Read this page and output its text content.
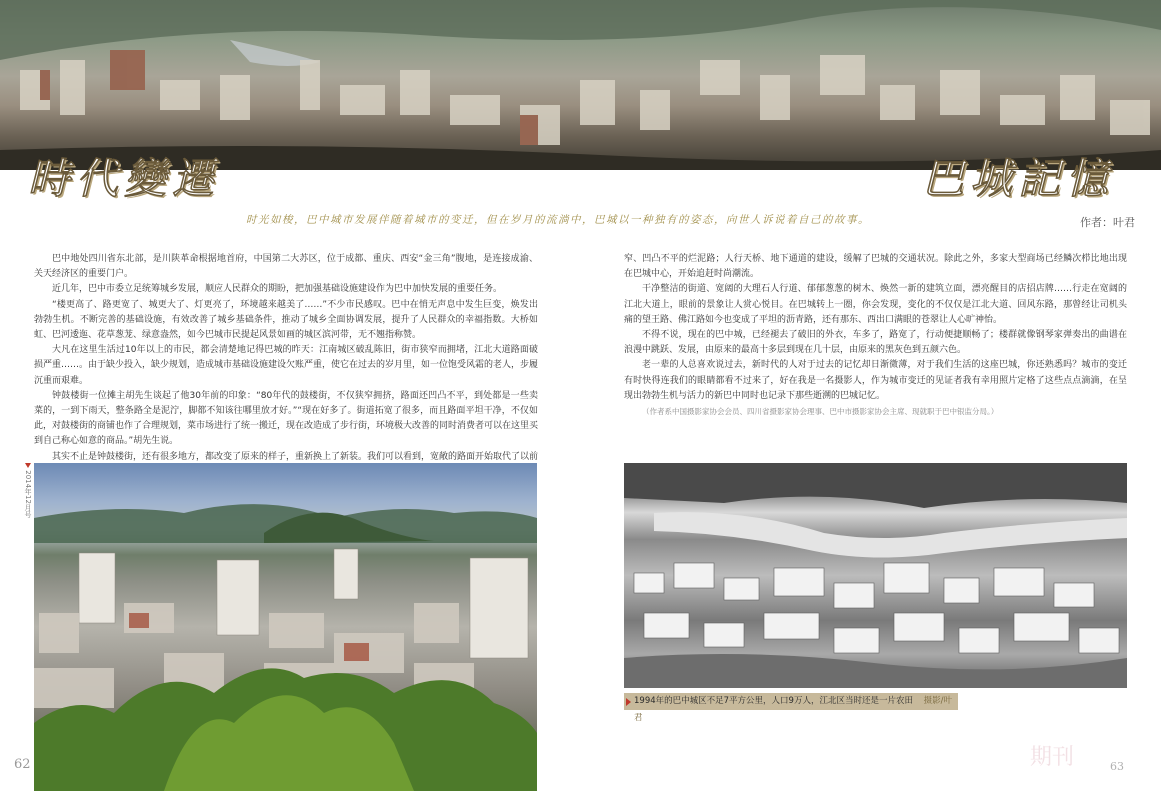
時代變遷	巴城記憶
时光如梭，巴中城市发展伴随着城市的变迁，但在岁月的流淌中，巴城以一种独有的姿态，向世人诉说着自己的故事。	作者：叶君

巴中地处四川省东北部，是川陕革命根据地首府，中国第二大苏区，位于成都、重庆、西安“金三角”腹地，是连接成渝、关天经济区的重要门户。

近几年，巴中市委立足统筹城乡发展，顺应人民群众的期盼，把加强基础设施建设作为巴中加快发展的重要任务。

“楼更高了、路更宽了、城更大了、灯更亮了，环境越来越美了……”不少市民感叹。巴中在悄无声息中发生巨变，焕发出勃勃生机。不断完善的基础设施，有效改善了城乡基础条件，推动了城乡全面协调发展，提升了人民群众的幸福指数。大桥如虹、巴河逶迤、花草葱茏、绿意盎然，如今巴城市民提起风景如画的城区滨河带，无不翘指称赞。

大凡在这里生活过10年以上的市民，都会清楚地记得巴城的昨天：江南城区破乱陈旧，街市狭窄而拥堵，江北大道路面破损严重……。由于缺少投入，缺少规划，造成城市基础设施建设欠账严重，使它在过去的岁月里，如一位饱受风霜的老人，步履沉重而艰难。

钟鼓楼街一位摊主胡先生谈起了他30年前的印象：“80年代的鼓楼街，不仅狭窄拥挤，路面还凹凸不平，到处都是一些卖菜的，一到下雨天，整条路全是泥泞，脚都不知该往哪里放才好。”“现在好多了。街道拓宽了很多，而且路面平坦干净，不仅如此，对鼓楼街的商铺也作了合理规划，菜市场进行了统一搬迁，现在改造成了步行街，环境极大改善的同时消费者可以在这里买到自己称心如意的商品。”胡先生说。

其实不止是钟鼓楼街，还有很多地方，都改变了原来的样子，重新换上了新装。我们可以看到，宽敞的路面开始取代了以前

窄、凹凸不平的烂泥路；人行天桥、地下通道的建设，缓解了巴城的交通状况。除此之外，多家大型商场已经鳞次栉比地出现在巴城中心，开始追赶时尚潮流。

干净整洁的街道、宽阔的大理石人行道、郁郁葱葱的树木、焕然一新的建筑立面，漂亮醒目的店招店牌……行走在宽阔的江北大道上，眼前的景象让人赏心悦目。在巴城转上一圈，你会发现，变化的不仅仅是江北大道、回风东路，那曾经让司机头痛的望王路、佛江路如今也变成了平坦的沥青路，还有那东、西出口满眼的苍翠让人心旷神怡。

不得不说，现在的巴中城，已经褪去了破旧的外衣，车多了，路宽了，行动便捷顺畅了；楼群就像钢琴家弹奏出的曲谱在浪漫中跳跃、发展，由原来的最高十多层到现在几十层，由原来的黑灰色到五颜六色。

老一辈的人总喜欢说过去，新时代的人对于过去的记忆却日渐微薄，对于我们生活的这座巴城，你还熟悉吗？城市的变迁有时快得连我们的眼睛都看不过来了，好在我是一名摄影人，作为城市变迁的见证者我有幸用照片定格了这些点点滴滴，在呈现出勃勃生机与活力的新巴中同时也记录下那些逝溯的巴城记忆。

（作者系中国摄影家协会会员、四川省摄影家协会理事、巴中市摄影家协会主席、现就职于巴中银监分局。）

2014年12月号
1994年的巴中城区不足7平方公里，人口9万人，江北区当时还是一片农田 摄影/叶君
62	63
期刊
